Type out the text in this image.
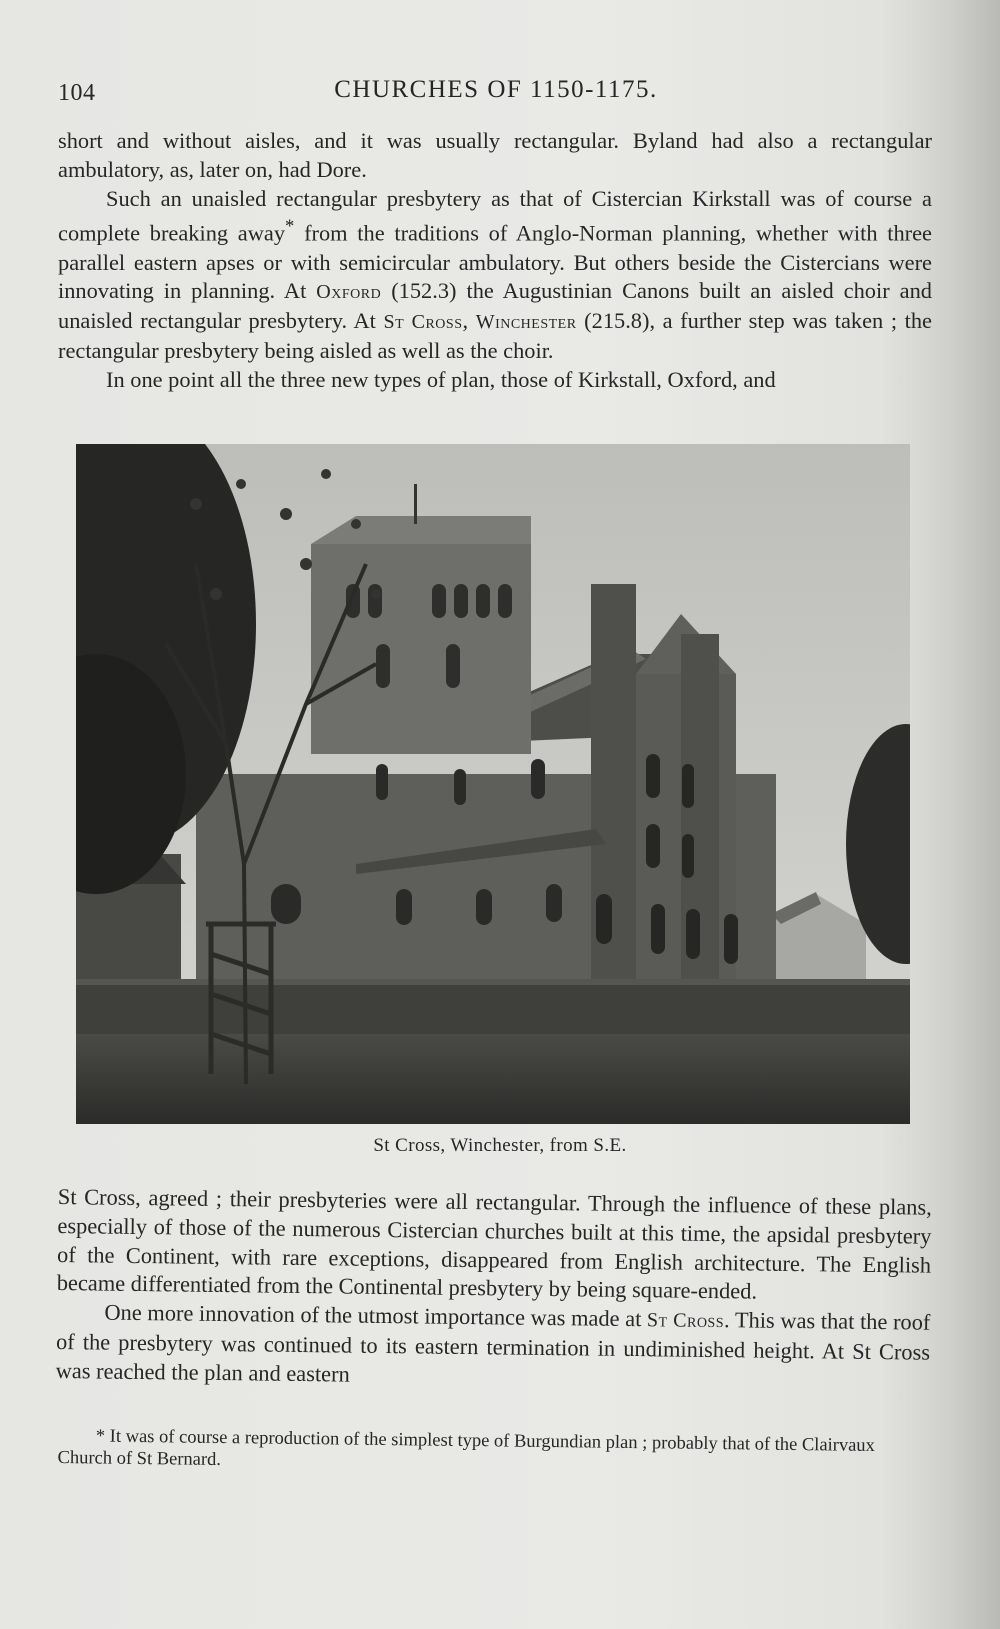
104	CHURCHES OF 1150-1175.

short and without aisles, and it was usually rectangular. Byland had also a rectangular ambulatory, as, later on, had Dore.

Such an unaisled rectangular presbytery as that of Cistercian Kirkstall was of course a complete breaking away* from the traditions of Anglo-Norman planning, whether with three parallel eastern apses or with semicircular ambulatory. But others beside the Cistercians were innovating in planning. At Oxford (152.3) the Augustinian Canons built an aisled choir and unaisled rectangular presbytery. At St Cross, Winchester (215.8), a further step was taken ; the rectangular presbytery being aisled as well as the choir.

In one point all the three new types of plan, those of Kirkstall, Oxford, and

St Cross, Winchester, from S.E.

St Cross, agreed ; their presbyteries were all rectangular. Through the influence of these plans, especially of those of the numerous Cistercian churches built at this time, the apsidal presbytery of the Continent, with rare exceptions, disappeared from English architecture. The English became differentiated from the Continental presbytery by being square-ended.

One more innovation of the utmost importance was made at St Cross. This was that the roof of the presbytery was continued to its eastern termination in undiminished height. At St Cross was reached the plan and eastern

* It was of course a reproduction of the simplest type of Burgundian plan ; probably that of the Clairvaux Church of St Bernard.
